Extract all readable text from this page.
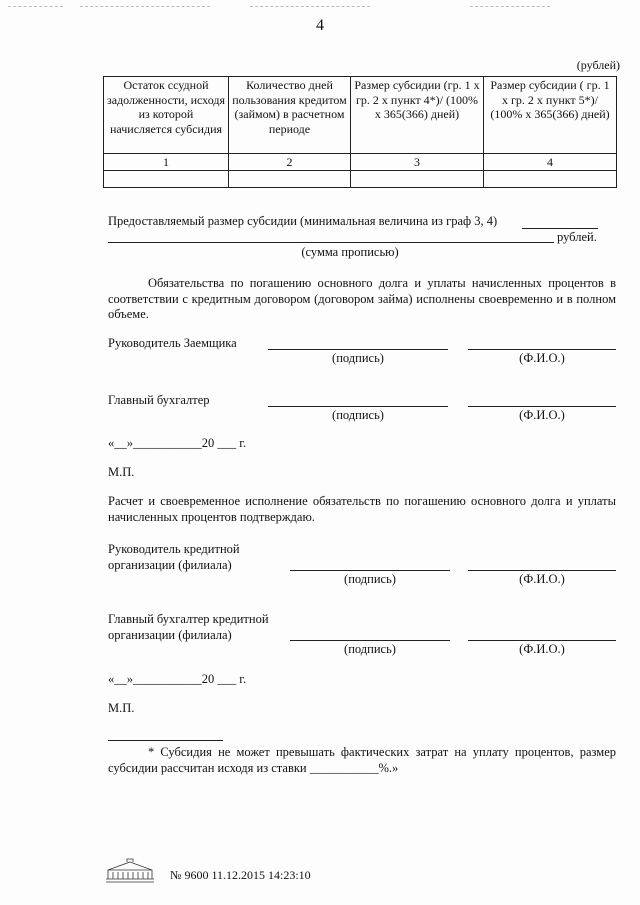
4
(рублей)
Остаток ссудной задолженности, исходя из которой начисляется субсидия	Количество дней пользования кредитом (займом) в расчетном периоде	Размер субсидии (гр. 1 х гр. 2 х пункт 4*)/ (100% х 365(366) дней)	Размер субсидии ( гр. 1 х гр. 2 х пункт 5*)/ (100% х 365(366) дней)
1	2	3	4

Предоставляемый размер субсидии (минимальная величина из граф 3, 4)
рублей.
(сумма прописью)
Обязательства по погашению основного долга и уплаты начисленных процентов в соответствии с кредитным договором (договором займа) исполнены своевременно и в полном объеме.
Руководитель Заемщика
(подпись)	(Ф.И.О.)
Главный бухгалтер
(подпись)	(Ф.И.О.)
«__»___________20 ___ г.
М.П.
Расчет и своевременное исполнение обязательств по погашению основного долга и уплаты начисленных процентов подтверждаю.
Руководитель кредитной
организации (филиала)
(подпись)	(Ф.И.О.)
Главный бухгалтер кредитной
организации (филиала)
(подпись)	(Ф.И.О.)
«__»___________20 ___ г.
М.П.
* Субсидия не может превышать фактических затрат на уплату процентов, размер субсидии рассчитан исходя из ставки ___________%.»
№ 9600 11.12.2015 14:23:10
